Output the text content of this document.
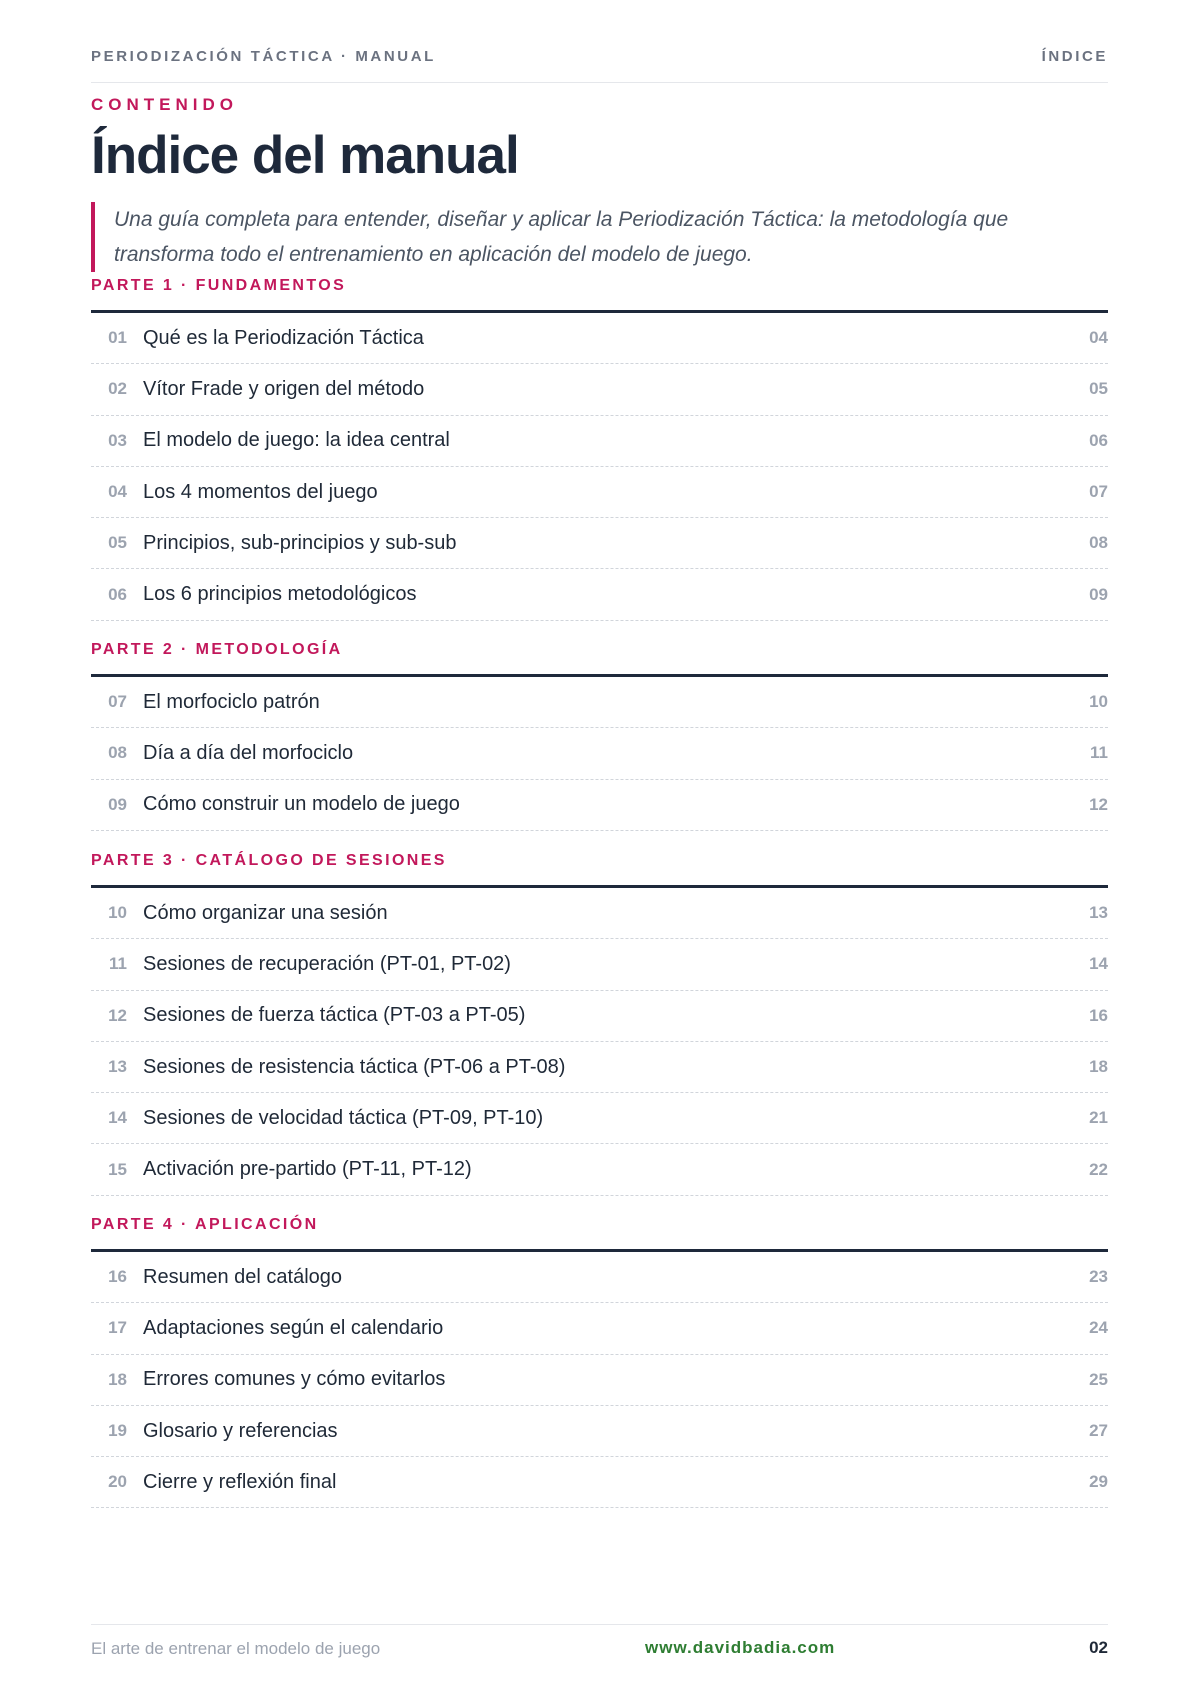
PERIODIZACIÓN TÁCTICA · MANUAL	ÍNDICE
CONTENIDO
Índice del manual

Una guía completa para entender, diseñar y aplicar la Periodización Táctica: la metodología que transforma todo el entrenamiento en aplicación del modelo de juego.

PARTE 1 · FUNDAMENTOS
01 Qué es la Periodización Táctica	04
02 Vítor Frade y origen del método	05
03 El modelo de juego: la idea central	06
04 Los 4 momentos del juego	07
05 Principios, sub-principios y sub-sub	08
06 Los 6 principios metodológicos	09
PARTE 2 · METODOLOGÍA
07 El morfociclo patrón	10
08 Día a día del morfociclo	11
09 Cómo construir un modelo de juego	12
PARTE 3 · CATÁLOGO DE SESIONES
10 Cómo organizar una sesión	13
11 Sesiones de recuperación (PT-01, PT-02)	14
12 Sesiones de fuerza táctica (PT-03 a PT-05)	16
13 Sesiones de resistencia táctica (PT-06 a PT-08)	18
14 Sesiones de velocidad táctica (PT-09, PT-10)	21
15 Activación pre-partido (PT-11, PT-12)	22
PARTE 4 · APLICACIÓN
16 Resumen del catálogo	23
17 Adaptaciones según el calendario	24
18 Errores comunes y cómo evitarlos	25
19 Glosario y referencias	27
20 Cierre y reflexión final	29
El arte de entrenar el modelo de juego	www.davidbadia.com	02
